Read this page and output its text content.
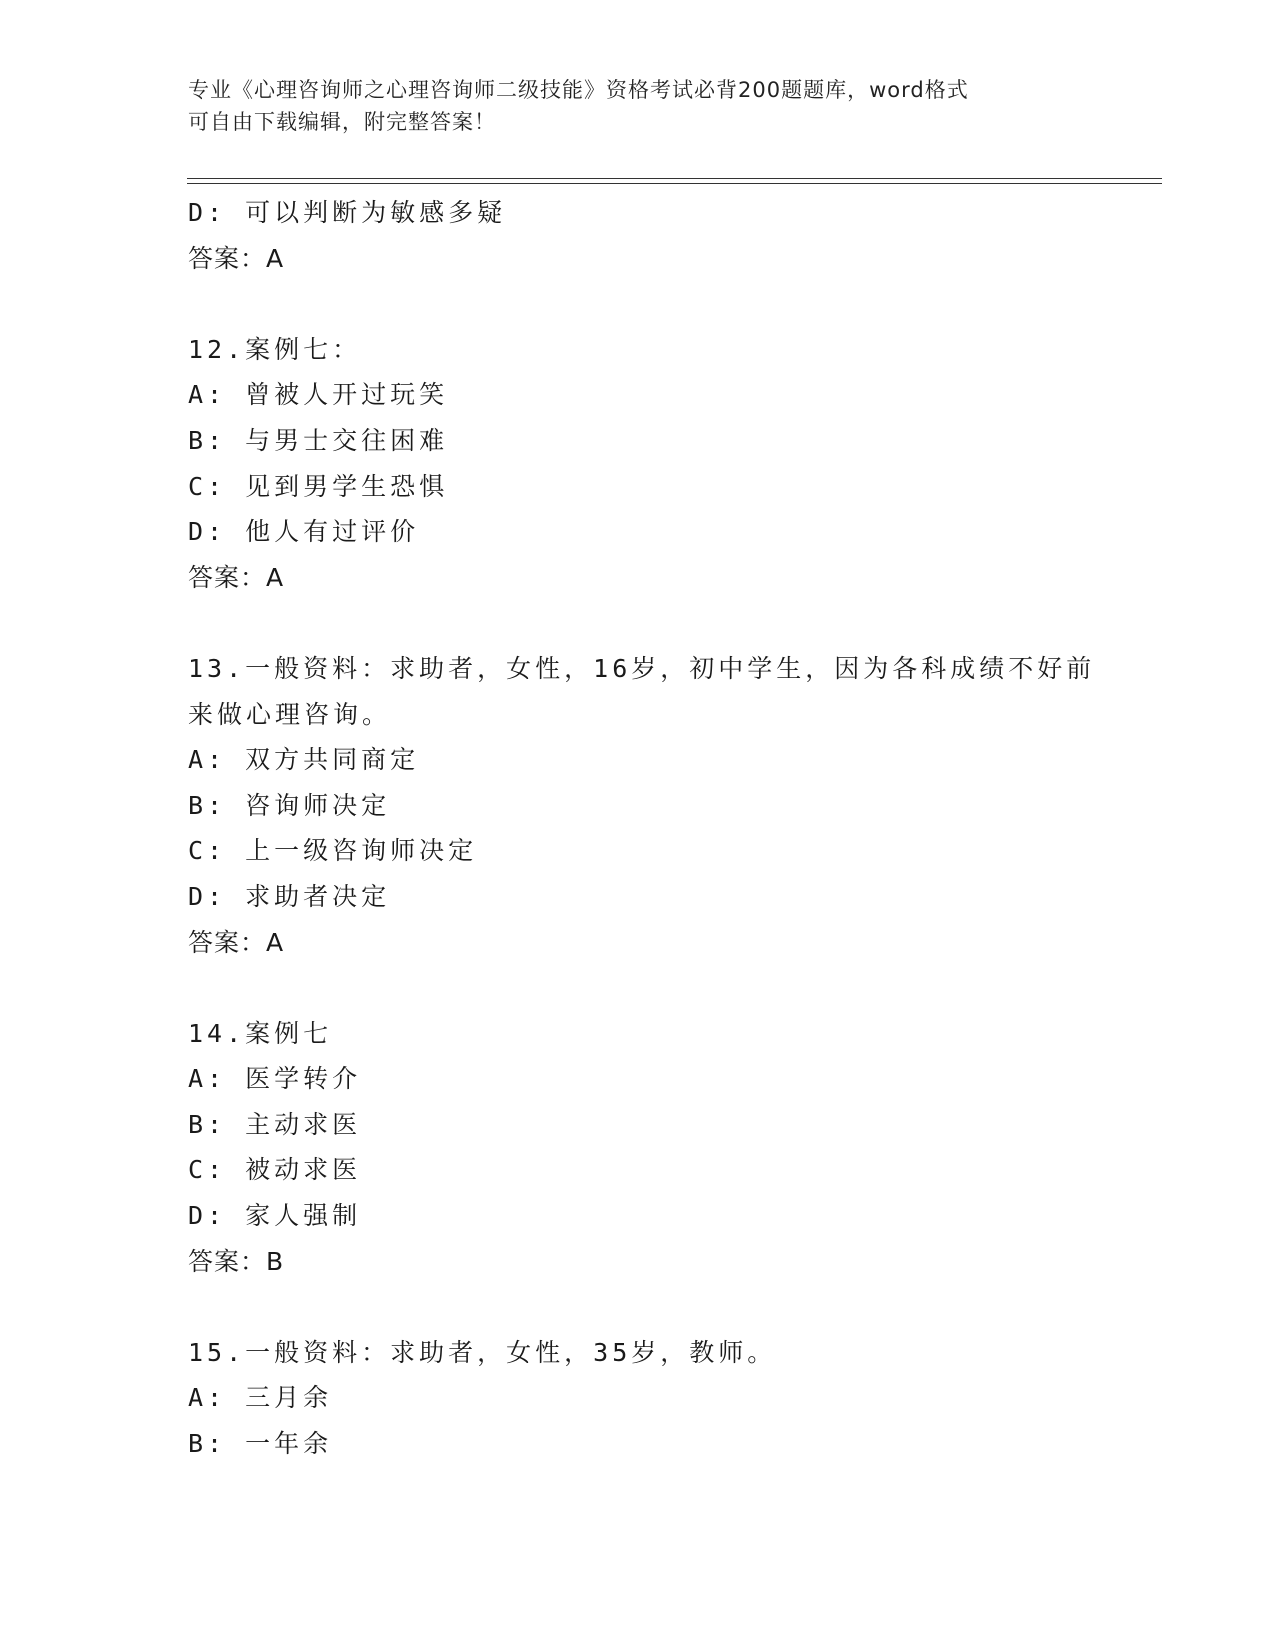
专业《心理咨询师之心理咨询师二级技能》资格考试必背200题题库，word格式
可自由下载编辑，附完整答案！
D: 可以判断为敏感多疑
答案：A
12.案例七：
A: 曾被人开过玩笑
B: 与男士交往困难
C: 见到男学生恐惧
D: 他人有过评价
答案：A
13.一般资料：求助者，女性，16岁，初中学生，因为各科成绩不好前
来做心理咨询。
A: 双方共同商定
B: 咨询师决定
C: 上一级咨询师决定
D: 求助者决定
答案：A
14.案例七
A: 医学转介
B: 主动求医
C: 被动求医
D: 家人强制
答案：B
15.一般资料：求助者，女性，35岁，教师。
A: 三月余
B: 一年余
